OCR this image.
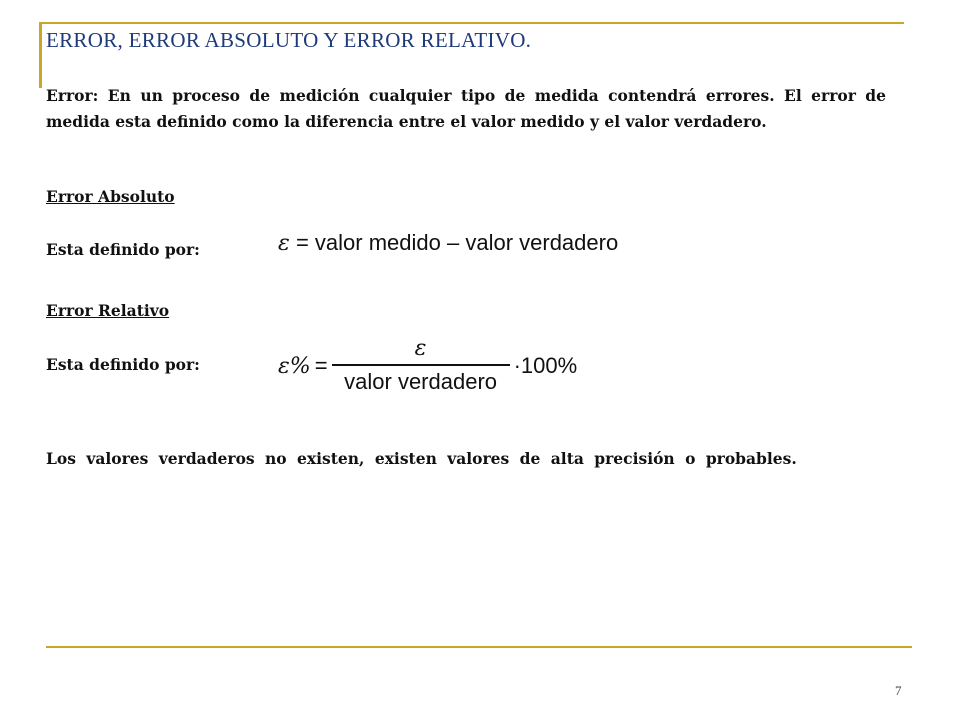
ERROR, ERROR ABSOLUTO Y ERROR RELATIVO.
Error: En un proceso de medición cualquier tipo de medida contendrá errores. El error de medida esta definido como la diferencia entre el valor medido y el valor verdadero.
Error Absoluto
Esta definido por:	ε = valor medido – valor verdadero
Error Relativo
Esta definido por:	$\varepsilon\% = \frac{\varepsilon}{\text{valor verdadero}} \cdot 100\%$
Los valores verdaderos no existen, existen valores de alta precisión o probables.
7
